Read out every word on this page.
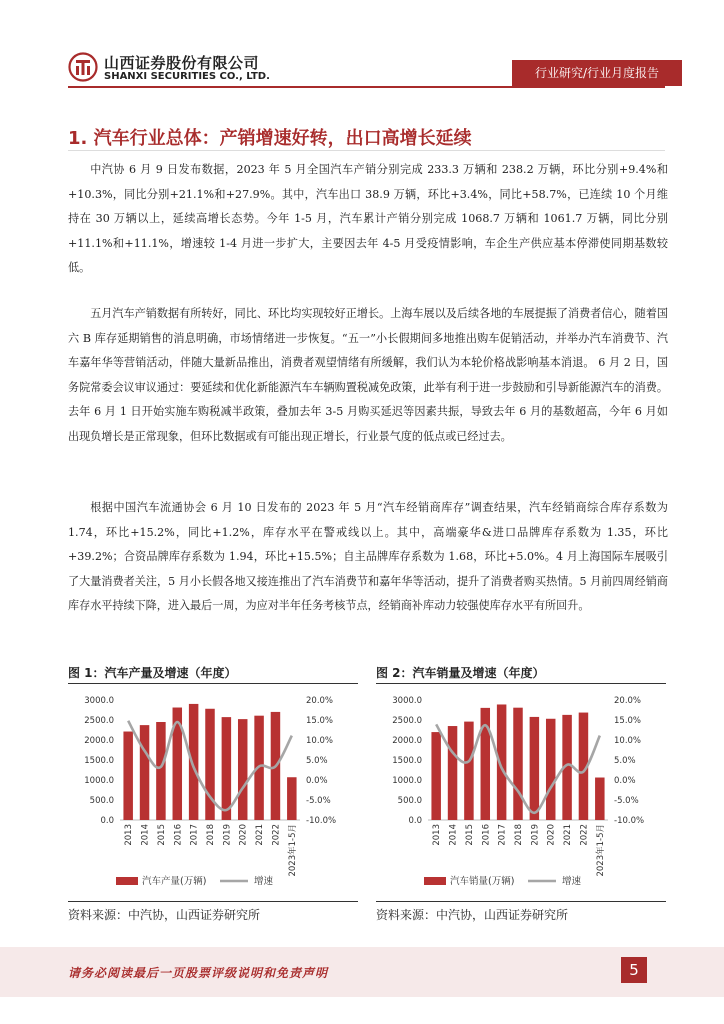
山西证券股份有限公司
SHANXI SECURITIES CO., LTD.	行业研究/行业月度报告
1. 汽车行业总体：产销增速好转，出口高增长延续

中汽协 6 月 9 日发布数据，2023 年 5 月全国汽车产销分别完成 233.3 万辆和 238.2 万辆，环比分别+9.4%和+10.3%，同比分别+21.1%和+27.9%。其中，汽车出口 38.9 万辆，环比+3.4%，同比+58.7%，已连续 10 个月维持在 30 万辆以上，延续高增长态势。今年 1-5 月，汽车累计产销分别完成 1068.7 万辆和 1061.7 万辆，同比分别+11.1%和+11.1%，增速较 1-4 月进一步扩大，主要因去年 4-5 月受疫情影响，车企生产供应基本停滞使同期基数较低。

五月汽车产销数据有所转好，同比、环比均实现较好正增长。上海车展以及后续各地的车展提振了消费者信心，随着国六 B 库存延期销售的消息明确，市场情绪进一步恢复。“五一”小长假期间多地推出购车促销活动，并举办汽车消费节、汽车嘉年华等营销活动，伴随大量新品推出，消费者观望情绪有所缓解，我们认为本轮价格战影响基本消退。 6 月 2 日，国务院常委会议审议通过：要延续和优化新能源汽车车辆购置税减免政策，此举有利于进一步鼓励和引导新能源汽车的消费。去年 6 月 1 日开始实施车购税减半政策，叠加去年 3-5 月购买延迟等因素共振，导致去年 6 月的基数超高，今年 6 月如出现负增长是正常现象，但环比数据或有可能出现正增长，行业景气度的低点或已经过去。

根据中国汽车流通协会 6 月 10 日发布的 2023 年 5 月“汽车经销商库存”调查结果，汽车经销商综合库存系数为 1.74，环比+15.2%，同比+1.2%，库存水平在警戒线以上。其中，高端豪华&进口品牌库存系数为 1.35，环比+39.2%；合资品牌库存系数为 1.94，环比+15.5%；自主品牌库存系数为 1.68，环比+5.0%。4 月上海国际车展吸引了大量消费者关注，5 月小长假各地又接连推出了汽车消费节和嘉年华等活动，提升了消费者购买热情。5 月前四周经销商库存水平持续下降，进入最后一周，为应对半年任务考核节点，经销商补库动力较强使库存水平有所回升。

图 1：汽车产量及增速（年度）
0.0
500.0
1000.0
1500.0
2000.0
2500.0
3000.0
-10.0%
-5.0%
0.0%
5.0%
10.0%
15.0%
20.0%
2013 2014 2015 2016 2017 2018 2019 2020 2021 2022 2023年1-5月
汽车产量(万辆)	增速
资料来源：中汽协，山西证券研究所
图 2：汽车销量及增速（年度）
0.0
500.0
1000.0
1500.0
2000.0
2500.0
3000.0
-10.0%
-5.0%
0.0%
5.0%
10.0%
15.0%
20.0%
2013 2014 2015 2016 2017 2018 2019 2020 2021 2022 2023年1-5月
汽车销量(万辆)	增速
资料来源：中汽协，山西证券研究所
请务必阅读最后一页股票评级说明和免责声明	5
